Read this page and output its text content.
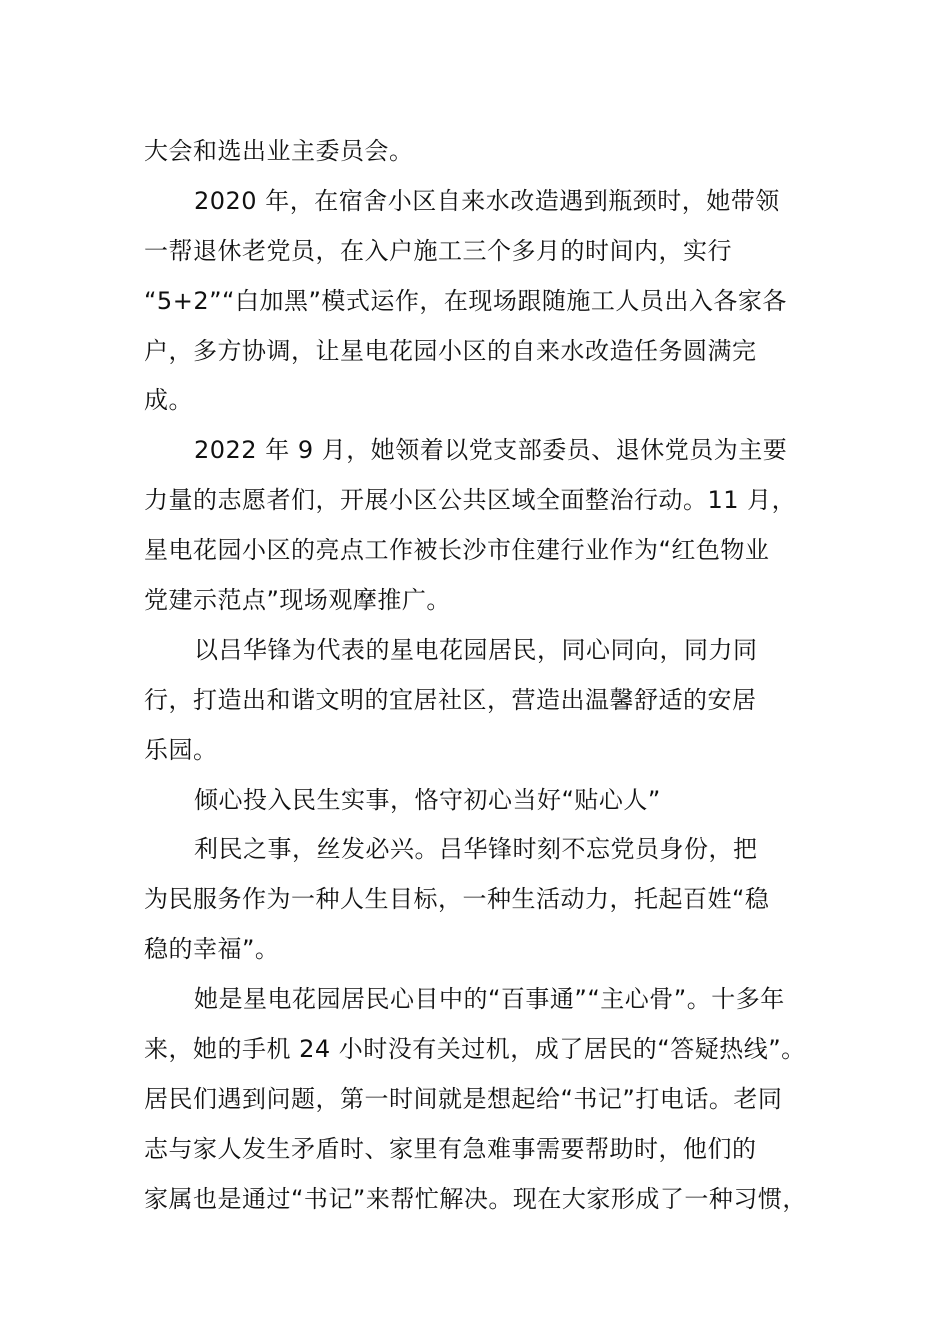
大会和选出业主委员会。
2020 年，在宿舍小区自来水改造遇到瓶颈时，她带领
一帮退休老党员，在入户施工三个多月的时间内，实行
“5+2”“白加黑”模式运作，在现场跟随施工人员出入各家各
户，多方协调，让星电花园小区的自来水改造任务圆满完
成。
2022 年 9 月，她领着以党支部委员、退休党员为主要
力量的志愿者们，开展小区公共区域全面整治行动。11 月，
星电花园小区的亮点工作被长沙市住建行业作为“红色物业
党建示范点”现场观摩推广。
以吕华锋为代表的星电花园居民，同心同向，同力同
行，打造出和谐文明的宜居社区，营造出温馨舒适的安居
乐园。
倾心投入民生实事，恪守初心当好“贴心人”
利民之事，丝发必兴。吕华锋时刻不忘党员身份，把
为民服务作为一种人生目标，一种生活动力，托起百姓“稳
稳的幸福”。
她是星电花园居民心目中的“百事通”“主心骨”。十多年
来，她的手机 24 小时没有关过机，成了居民的“答疑热线”。
居民们遇到问题，第一时间就是想起给“书记”打电话。老同
志与家人发生矛盾时、家里有急难事需要帮助时，他们的
家属也是通过“书记”来帮忙解决。现在大家形成了一种习惯，
